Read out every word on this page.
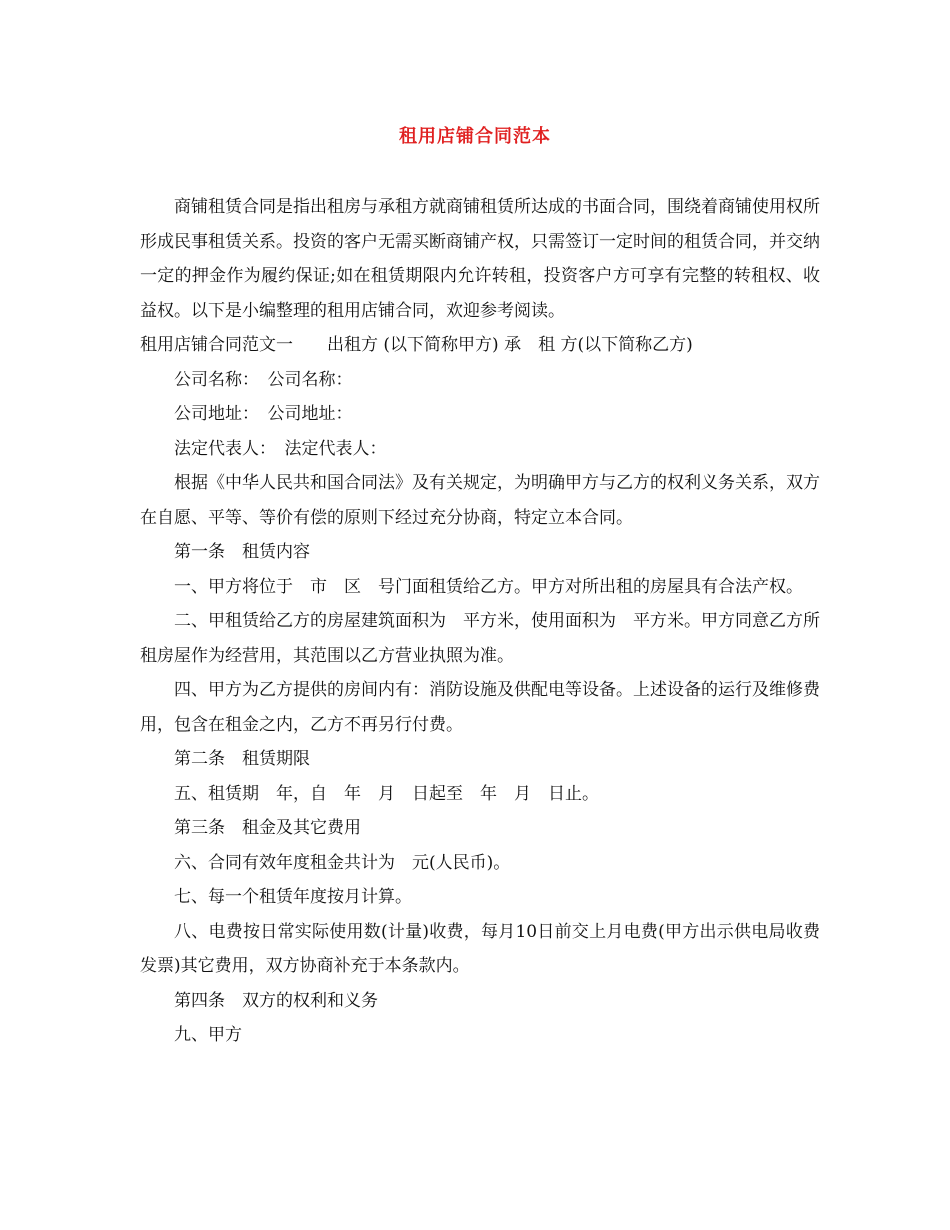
租用店铺合同范本

商铺租赁合同是指出租房与承租方就商铺租赁所达成的书面合同，围绕着商铺使用权所形成民事租赁关系。投资的客户无需买断商铺产权，只需签订一定时间的租赁合同，并交纳一定的押金作为履约保证;如在租赁期限内允许转租，投资客户方可享有完整的转租权、收益权。以下是小编整理的租用店铺合同，欢迎参考阅读。

租用店铺合同范文一　　出租方 (以下简称甲方) 承　租 方(以下简称乙方)

公司名称：　公司名称：

公司地址：　公司地址：

法定代表人：　法定代表人：

根据《中华人民共和国合同法》及有关规定，为明确甲方与乙方的权利义务关系，双方在自愿、平等、等价有偿的原则下经过充分协商，特定立本合同。

第一条　租赁内容

一、甲方将位于　市　区　号门面租赁给乙方。甲方对所出租的房屋具有合法产权。

二、甲租赁给乙方的房屋建筑面积为　平方米，使用面积为　平方米。甲方同意乙方所租房屋作为经营用，其范围以乙方营业执照为准。

四、甲方为乙方提供的房间内有：消防设施及供配电等设备。上述设备的运行及维修费用，包含在租金之内，乙方不再另行付费。

第二条　租赁期限

五、租赁期　年，自　年　月　日起至　年　月　日止。

第三条　租金及其它费用

六、合同有效年度租金共计为　元(人民币)。

七、每一个租赁年度按月计算。

八、电费按日常实际使用数(计量)收费，每月10日前交上月电费(甲方出示供电局收费发票)其它费用，双方协商补充于本条款内。

第四条　双方的权利和义务

九、甲方
